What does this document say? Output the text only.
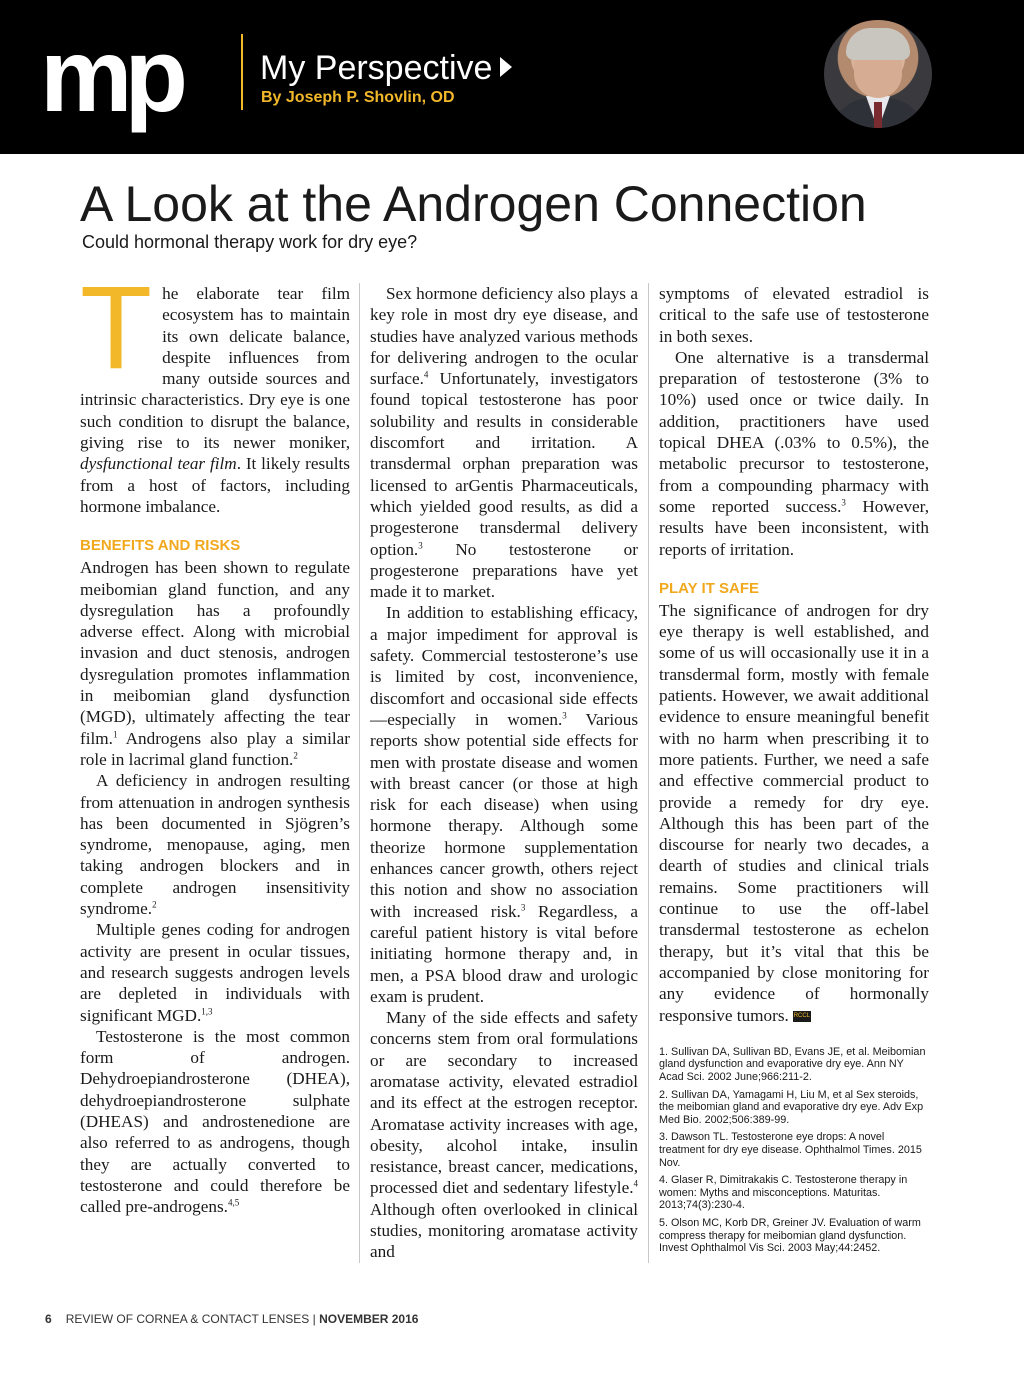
mp My Perspective
By Joseph P. Shovlin, OD
A Look at the Androgen Connection
Could hormonal therapy work for dry eye?

The elaborate tear film ecosystem has to maintain its own delicate balance, despite influences from many outside sources and intrinsic characteristics. Dry eye is one such condition to disrupt the balance, giving rise to its newer moniker, dysfunctional tear film. It likely results from a host of factors, including hormone imbalance.

BENEFITS AND RISKS

Androgen has been shown to regulate meibomian gland function, and any dysregulation has a profoundly adverse effect. Along with microbial invasion and duct stenosis, androgen dysregulation promotes inflammation in meibomian gland dysfunction (MGD), ultimately affecting the tear film.$^1$ Androgens also play a similar role in lacrimal gland function.$^2$

A deficiency in androgen resulting from attenuation in androgen synthesis has been documented in Sjögren’s syndrome, menopause, aging, men taking androgen blockers and in complete androgen insensitivity syndrome.$^2$

Multiple genes coding for androgen activity are present in ocular tissues, and research suggests androgen levels are depleted in individuals with significant MGD.$^{1,3}$

Testosterone is the most common form of androgen. Dehydroepiandrosterone (DHEA), dehydroepiandrosterone sulphate (DHEAS) and androstenedione are also referred to as androgens, though they are actually converted to testosterone and could therefore be called pre-androgens.$^{4,5}$

Sex hormone deficiency also plays a key role in most dry eye disease, and studies have analyzed various methods for delivering androgen to the ocular surface.$^4$ Unfortunately, investigators found topical testosterone has poor solubility and results in considerable discomfort and irritation. A transdermal orphan preparation was licensed to arGentis Pharmaceuticals, which yielded good results, as did a progesterone transdermal delivery option.$^3$ No testosterone or progesterone preparations have yet made it to market.

In addition to establishing efficacy, a major impediment for approval is safety. Commercial testosterone’s use is limited by cost, inconvenience, discomfort and occasional side effects—especially in women.$^3$ Various reports show potential side effects for men with prostate disease and women with breast cancer (or those at high risk for each disease) when using hormone therapy. Although some theorize hormone supplementation enhances cancer growth, others reject this notion and show no association with increased risk.$^3$ Regardless, a careful patient history is vital before initiating hormone therapy and, in men, a PSA blood draw and urologic exam is prudent.

Many of the side effects and safety concerns stem from oral formulations or are secondary to increased aromatase activity, elevated estradiol and its effect at the estrogen receptor. Aromatase activity increases with age, obesity, alcohol intake, insulin resistance, breast cancer, medications, processed diet and sedentary lifestyle.$^4$ Although often overlooked in clinical studies, monitoring aromatase activity and

symptoms of elevated estradiol is critical to the safe use of testosterone in both sexes.

One alternative is a transdermal preparation of testosterone (3% to 10%) used once or twice daily. In addition, practitioners have used topical DHEA (.03% to 0.5%), the metabolic precursor to testosterone, from a compounding pharmacy with some reported success.$^3$ However, results have been inconsistent, with reports of irritation.

PLAY IT SAFE

The significance of androgen for dry eye therapy is well established, and some of us will occasionally use it in a transdermal form, mostly with female patients. However, we await additional evidence to ensure meaningful benefit with no harm when prescribing it to more patients. Further, we need a safe and effective commercial product to provide a remedy for dry eye. Although this has been part of the discourse for nearly two decades, a dearth of studies and clinical trials remains. Some practitioners will continue to use the off-label transdermal testosterone as echelon therapy, but it’s vital that this be accompanied by close monitoring for any evidence of hormonally responsive tumors. RCCL

1. Sullivan DA, Sullivan BD, Evans JE, et al. Meibomian gland dysfunction and evaporative dry eye. Ann NY Acad Sci. 2002 June;966:211-2.
2. Sullivan DA, Yamagami H, Liu M, et al Sex steroids, the meibomian gland and evaporative dry eye. Adv Exp Med Bio. 2002;506:389-99.
3. Dawson TL. Testosterone eye drops: A novel treatment for dry eye disease. Ophthalmol Times. 2015 Nov.
4. Glaser R, Dimitrakakis C. Testosterone therapy in women: Myths and misconceptions. Maturitas. 2013;74(3):230-4.
5. Olson MC, Korb DR, Greiner JV. Evaluation of warm compress therapy for meibomian gland dysfunction. Invest Ophthalmol Vis Sci. 2003 May;44:2452.
6 REVIEW OF CORNEA & CONTACT LENSES | NOVEMBER 2016
